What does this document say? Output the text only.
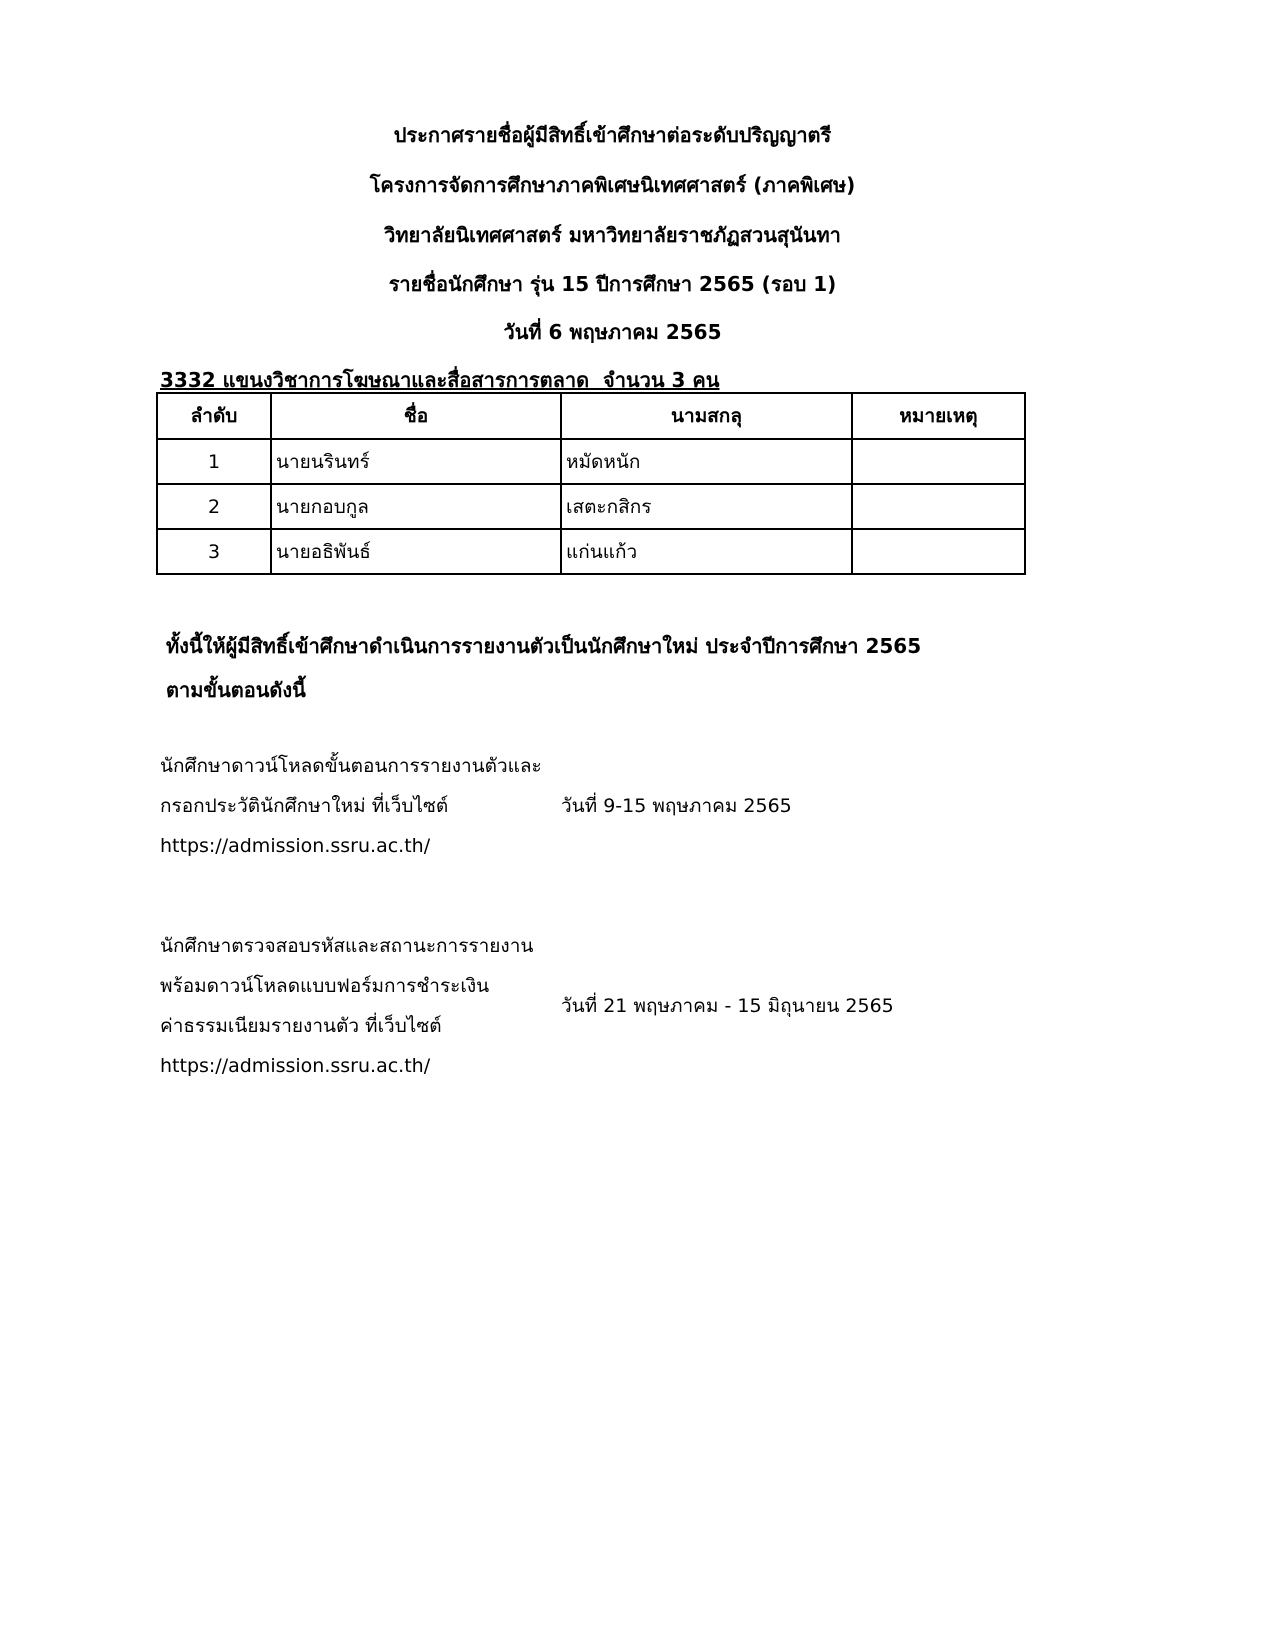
ประกาศรายชื่อผู้มีสิทธิ์เข้าศึกษาต่อระดับปริญญาตรี
โครงการจัดการศึกษาภาคพิเศษนิเทศศาสตร์ (ภาคพิเศษ)
วิทยาลัยนิเทศศาสตร์ มหาวิทยาลัยราชภัฏสวนสุนันทา
รายชื่อนักศึกษา รุ่น 15 ปีการศึกษา 2565 (รอบ 1)
วันที่ 6 พฤษภาคม 2565
3332 แขนงวิชาการโฆษณาและสื่อสารการตลาด  จำนวน 3 คน
ลำดับ	ชื่อ	นามสกลุ	หมายเหตุ
1	นายนรินทร์	หมัดหนัก	
2	นายกอบกูล	เสตะกสิกร	
3	นายอธิพันธ์	แก่นแก้ว	
ทั้งนี้ให้ผู้มีสิทธิ์เข้าศึกษาดำเนินการรายงานตัวเป็นนักศึกษาใหม่ ประจำปีการศึกษา 2565
ตามขั้นตอนดังนี้
นักศึกษาดาวน์โหลดขั้นตอนการรายงานตัวและ
กรอกประวัตินักศึกษาใหม่ ที่เว็บไซต์
https://admission.ssru.ac.th/
วันที่ 9-15 พฤษภาคม 2565
นักศึกษาตรวจสอบรหัสและสถานะการรายงาน
พร้อมดาวน์โหลดแบบฟอร์มการชำระเงิน
ค่าธรรมเนียมรายงานตัว ที่เว็บไซต์
https://admission.ssru.ac.th/
วันที่ 21 พฤษภาคม - 15 มิถุนายน 2565
